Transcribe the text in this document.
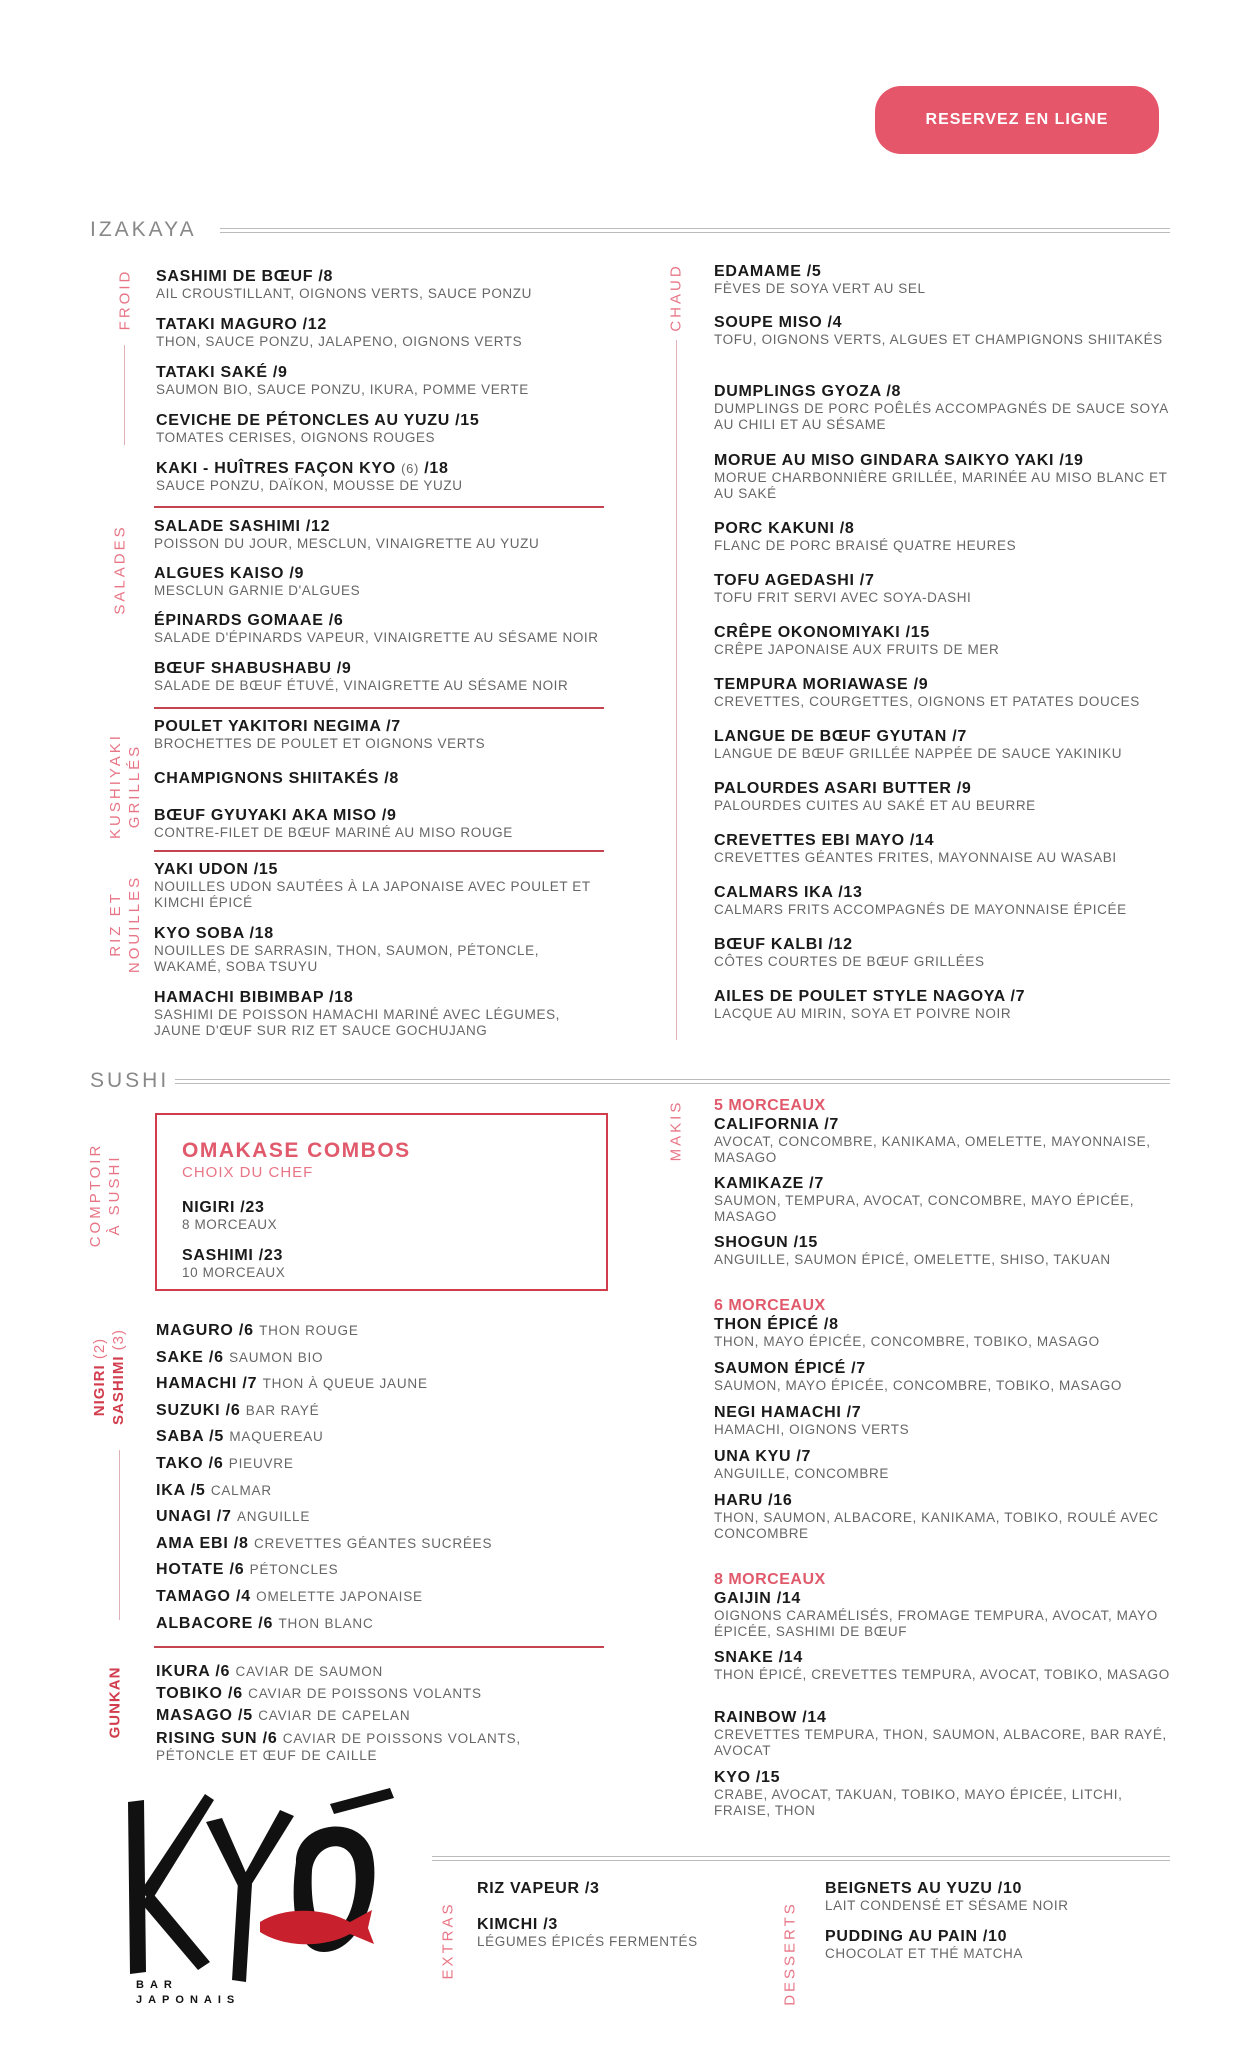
RESERVEZ EN LIGNE
IZAKAYA
FROID
SALADES
KUSHIYAKI GRILLÉS
RIZ ET NOUILLES
SASHIMI DE BŒUF /8
AIL CROUSTILLANT, OIGNONS VERTS, SAUCE PONZU
TATAKI MAGURO /12
THON, SAUCE PONZU, JALAPENO, OIGNONS VERTS
TATAKI SAKÉ /9
SAUMON BIO, SAUCE PONZU, IKURA, POMME VERTE
CEVICHE DE PÉTONCLES AU YUZU /15
TOMATES CERISES, OIGNONS ROUGES
KAKI - HUÎTRES FAÇON KYO (6) /18
SAUCE PONZU, DAÏKON, MOUSSE DE YUZU
SALADE SASHIMI /12
POISSON DU JOUR, MESCLUN, VINAIGRETTE AU YUZU
ALGUES KAISO /9
MESCLUN GARNIE D'ALGUES
ÉPINARDS GOMAAE /6
SALADE D'ÉPINARDS VAPEUR, VINAIGRETTE AU SÉSAME NOIR
BŒUF SHABUSHABU /9
SALADE DE BŒUF ÉTUVÉ, VINAIGRETTE AU SÉSAME NOIR
POULET YAKITORI NEGIMA /7
BROCHETTES DE POULET ET OIGNONS VERTS
CHAMPIGNONS SHIITAKÉS /8
BŒUF GYUYAKI AKA MISO /9
CONTRE-FILET DE BŒUF MARINÉ AU MISO ROUGE
YAKI UDON /15
NOUILLES UDON SAUTÉES À LA JAPONAISE AVEC POULET ET KIMCHI ÉPICÉ
KYO SOBA /18
NOUILLES DE SARRASIN, THON, SAUMON, PÉTONCLE, WAKAMÉ, SOBA TSUYU
HAMACHI BIBIMBAP /18
SASHIMI DE POISSON HAMACHI MARINÉ AVEC LÉGUMES, JAUNE D'ŒUF SUR RIZ ET SAUCE GOCHUJANG
CHAUD EDAMAME /5
FÈVES DE SOYA VERT AU SEL
SOUPE MISO /4
TOFU, OIGNONS VERTS, ALGUES ET CHAMPIGNONS SHIITAKÉS
DUMPLINGS GYOZA /8
DUMPLINGS DE PORC POÊLÉS ACCOMPAGNÉS DE SAUCE SOYA AU CHILI ET AU SÉSAME
MORUE AU MISO GINDARA SAIKYO YAKI /19
MORUE CHARBONNIÈRE GRILLÉE, MARINÉE AU MISO BLANC ET AU SAKÉ
PORC KAKUNI /8
FLANC DE PORC BRAISÉ QUATRE HEURES
TOFU AGEDASHI /7
TOFU FRIT SERVI AVEC SOYA-DASHI
CRÊPE OKONOMIYAKI /15
CRÊPE JAPONAISE AUX FRUITS DE MER
TEMPURA MORIAWASE /9
CREVETTES, COURGETTES, OIGNONS ET PATATES DOUCES
LANGUE DE BŒUF GYUTAN /7
LANGUE DE BŒUF GRILLÉE NAPPÉE DE SAUCE YAKINIKU
PALOURDES ASARI BUTTER /9
PALOURDES CUITES AU SAKÉ ET AU BEURRE
CREVETTES EBI MAYO /14
CREVETTES GÉANTES FRITES, MAYONNAISE AU WASABI
CALMARS IKA /13
CALMARS FRITS ACCOMPAGNÉS DE MAYONNAISE ÉPICÉE
BŒUF KALBI /12
CÔTES COURTES DE BŒUF GRILLÉES
AILES DE POULET STYLE NAGOYA /7
LACQUE AU MIRIN, SOYA ET POIVRE NOIR
SUSHI
COMPTOIR À SUSHI
OMAKASE COMBOS
CHOIX DU CHEF
NIGIRI /23
8 MORCEAUX
SASHIMI /23
10 MORCEAUX
NIGIRI (2)
SASHIMI (3) MAGURO /6 THON ROUGE
SAKE /6 SAUMON BIO
HAMACHI /7 THON À QUEUE JAUNE
SUZUKI /6 BAR RAYÉ
SABA /5 MAQUEREAU
TAKO /6 PIEUVRE
IKA /5 CALMAR
UNAGI /7 ANGUILLE
AMA EBI /8 CREVETTES GÉANTES SUCRÉES
HOTATE /6 PÉTONCLES
TAMAGO /4 OMELETTE JAPONAISE
ALBACORE /6 THON BLANC
GUNKAN IKURA /6 CAVIAR DE SAUMON
TOBIKO /6 CAVIAR DE POISSONS VOLANTS
MASAGO /5 CAVIAR DE CAPELAN
RISING SUN /6 CAVIAR DE POISSONS VOLANTS, PÉTONCLE ET ŒUF DE CAILLE
MAKIS 5 MORCEAUX
CALIFORNIA /7
AVOCAT, CONCOMBRE, KANIKAMA, OMELETTE, MAYONNAISE, MASAGO
KAMIKAZE /7
SAUMON, TEMPURA, AVOCAT, CONCOMBRE, MAYO ÉPICÉE, MASAGO
SHOGUN /15
ANGUILLE, SAUMON ÉPICÉ, OMELETTE, SHISO, TAKUAN
6 MORCEAUX
THON ÉPICÉ /8
THON, MAYO ÉPICÉE, CONCOMBRE, TOBIKO, MASAGO
SAUMON ÉPICÉ /7
SAUMON, MAYO ÉPICÉE, CONCOMBRE, TOBIKO, MASAGO
NEGI HAMACHI /7
HAMACHI, OIGNONS VERTS
UNA KYU /7
ANGUILLE, CONCOMBRE
HARU /16
THON, SAUMON, ALBACORE, KANIKAMA, TOBIKO, ROULÉ AVEC CONCOMBRE
8 MORCEAUX
GAIJIN /14
OIGNONS CARAMÉLISÉS, FROMAGE TEMPURA, AVOCAT, MAYO ÉPICÉE, SASHIMI DE BŒUF
SNAKE /14
THON ÉPICÉ, CREVETTES TEMPURA, AVOCAT, TOBIKO, MASAGO
RAINBOW /14
CREVETTES TEMPURA, THON, SAUMON, ALBACORE, BAR RAYÉ, AVOCAT
KYO /15
CRABE, AVOCAT, TAKUAN, TOBIKO, MAYO ÉPICÉE, LITCHI, FRAISE, THON
EXTRAS
RIZ VAPEUR /3
KIMCHI /3
LÉGUMES ÉPICÉS FERMENTÉS	DESSERTS
BEIGNETS AU YUZU /10
LAIT CONDENSÉ ET SÉSAME NOIR
PUDDING AU PAIN /10
CHOCOLAT ET THÉ MATCHA
BAR JAPONAIS
